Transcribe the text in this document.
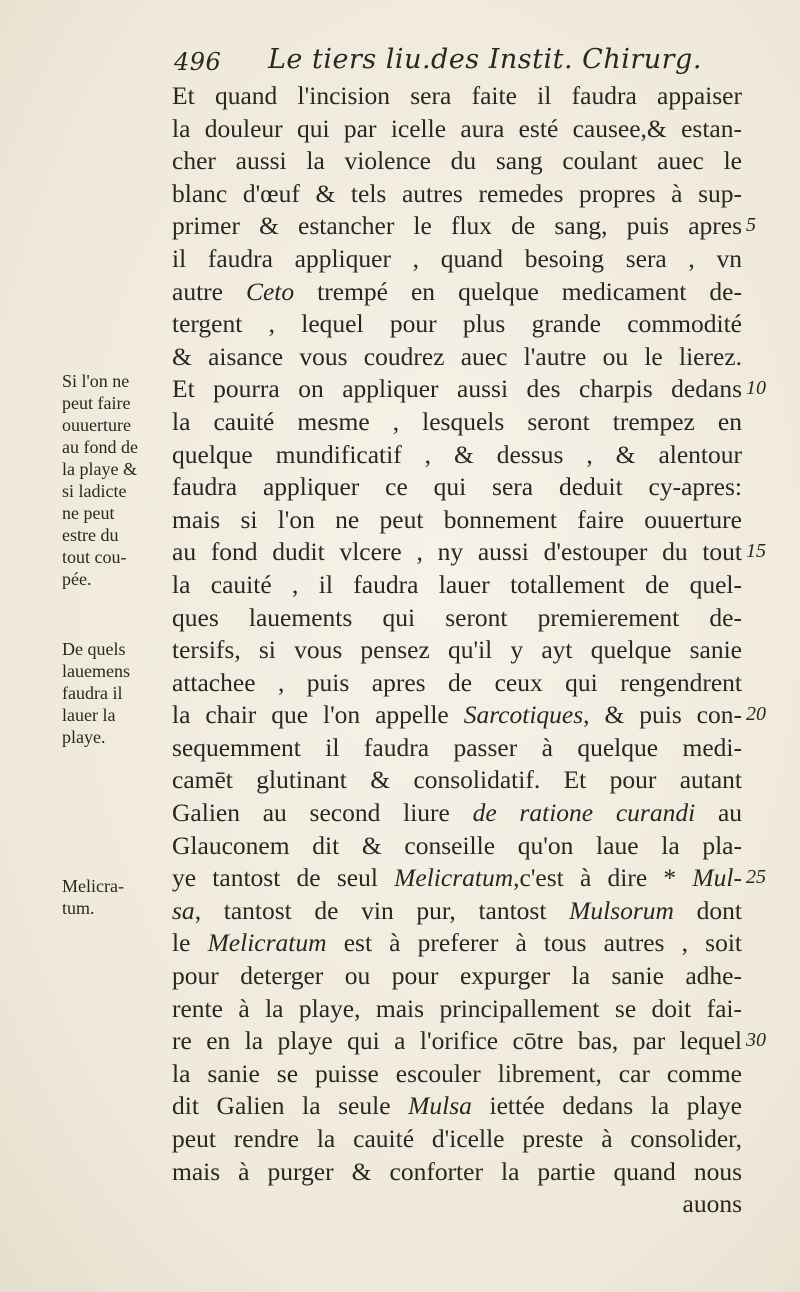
496 Le tiers liu.des Instit. Chirurg.
Et quand l'incision sera faite il faudra appaiser
la douleur qui par icelle aura esté causee,& estan-
cher aussi la violence du sang coulant auec le
blanc d'œuf & tels autres remedes propres à sup-
primer & estancher le flux de sang, puis apres
il faudra appliquer , quand besoing sera , vn
autre Ceto trempé en quelque medicament de-
tergent , lequel pour plus grande commodité
& aisance vous coudrez auec l'autre ou le lierez.
Et pourra on appliquer aussi des charpis dedans
la cauité mesme , lesquels seront trempez en
quelque mundificatif , & dessus , & alentour
faudra appliquer ce qui sera deduit cy-apres:
mais si l'on ne peut bonnement faire ouuerture
au fond dudit vlcere , ny aussi d'estouper du tout
la cauité , il faudra lauer totallement de quel-
ques lauements qui seront premierement de-
tersifs, si vous pensez qu'il y ayt quelque sanie
attachee , puis apres de ceux qui rengendrent
la chair que l'on appelle Sarcotiques, & puis con-
sequemment il faudra passer à quelque medi-
camēt glutinant & consolidatif. Et pour autant
Galien au second liure de ratione curandi au
Glauconem dit & conseille qu'on laue la pla-
ye tantost de seul Melicratum,c'est à dire * Mul-
sa, tantost de vin pur, tantost Mulsorum dont
le Melicratum est à preferer à tous autres , soit
pour deterger ou pour expurger la sanie adhe-
rente à la playe, mais principallement se doit fai-
re en la playe qui a l'orifice cōtre bas, par lequel
la sanie se puisse escouler librement, car comme
dit Galien la seule Mulsa iettée dedans la playe
peut rendre la cauité d'icelle preste à consolider,
mais à purger & conforter la partie quand nous
auons
Si l'on ne
peut faire
ouuerture
au fond de
la playe &
si ladicte
ne peut
estre du
tout cou-
pée.
De quels
lauemens
faudra il
lauer la
playe.
Melicra-
tum.
5
10
15
20
25
30
